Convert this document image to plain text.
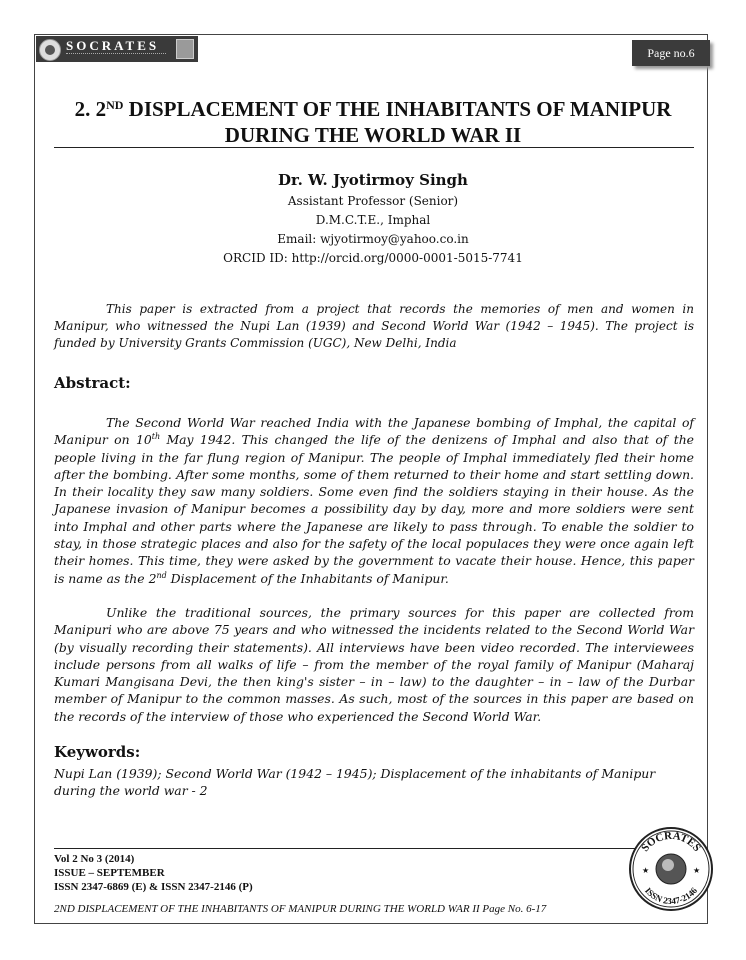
SOCRATES	Page no.6
2. 2ND DISPLACEMENT OF THE INHABITANTS OF MANIPUR
DURING THE WORLD WAR II
Dr. W. Jyotirmoy Singh
Assistant Professor (Senior)
D.M.C.T.E., Imphal
Email: wjyotirmoy@yahoo.co.in
ORCID ID: http://orcid.org/0000-0001-5015-7741
This paper is extracted from a project that records the memories of men and women in Manipur, who witnessed the Nupi Lan (1939) and Second World War (1942 – 1945). The project is funded by University Grants Commission (UGC), New Delhi, India
Abstract:

The Second World War reached India with the Japanese bombing of Imphal, the capital of Manipur on 10th May 1942. This changed the life of the denizens of Imphal and also that of the people living in the far flung region of Manipur. The people of Imphal immediately fled their home after the bombing. After some months, some of them returned to their home and start settling down. In their locality they saw many soldiers. Some even find the soldiers staying in their house. As the Japanese invasion of Manipur becomes a possibility day by day, more and more soldiers were sent into Imphal and other parts where the Japanese are likely to pass through. To enable the soldier to stay, in those strategic places and also for the safety of the local populaces they were once again left their homes. This time, they were asked by the government to vacate their house. Hence, this paper is name as the 2nd Displacement of the Inhabitants of Manipur.

Unlike the traditional sources, the primary sources for this paper are collected from Manipuri who are above 75 years and who witnessed the incidents related to the Second World War (by visually recording their statements). All interviews have been video recorded. The interviewees include persons from all walks of life – from the member of the royal family of Manipur (Maharaj Kumari Mangisana Devi, the then king's sister – in – law) to the daughter – in – law of the Durbar member of Manipur to the common masses. As such, most of the sources in this paper are based on the records of the interview of those who experienced the Second World War.

Keywords:
Nupi Lan (1939); Second World War (1942 – 1945); Displacement of the inhabitants of Manipur during the world war - 2
Vol 2 No 3 (2014)
ISSUE – SEPTEMBER
ISSN 2347-6869 (E) & ISSN 2347-2146 (P)
2ND DISPLACEMENT OF THE INHABITANTS OF MANIPUR DURING THE WORLD WAR II Page No. 6-17
SOCRATES
ISSN 2347-2146
★	★
